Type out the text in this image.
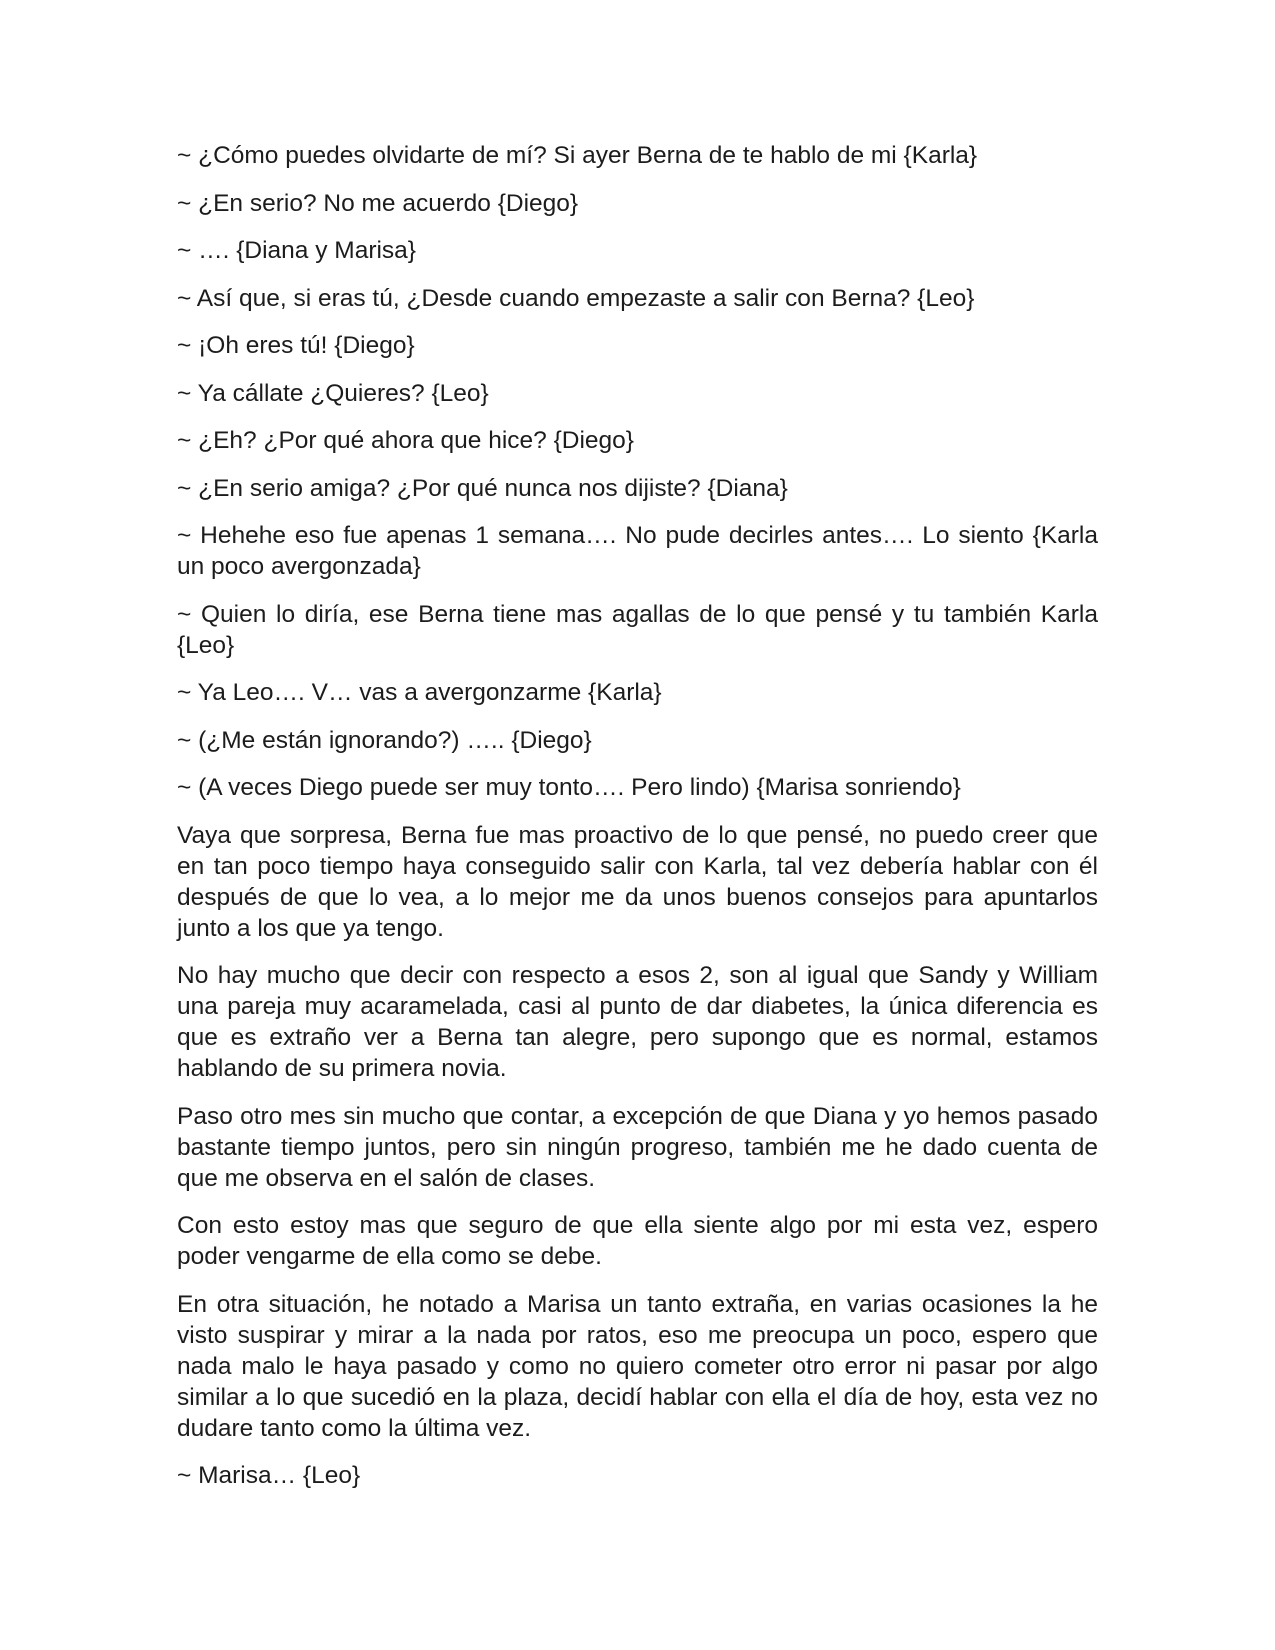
~ ¿Cómo puedes olvidarte de mí? Si ayer Berna de te hablo de mi {Karla}

~ ¿En serio? No me acuerdo {Diego}

~ …. {Diana y Marisa}

~ Así que, si eras tú, ¿Desde cuando empezaste a salir con Berna? {Leo}

~ ¡Oh eres tú! {Diego}

~ Ya cállate ¿Quieres? {Leo}

~ ¿Eh? ¿Por qué ahora que hice? {Diego}

~ ¿En serio amiga? ¿Por qué nunca nos dijiste? {Diana}

~ Hehehe eso fue apenas 1 semana…. No pude decirles antes…. Lo siento {Karla un poco avergonzada}

~ Quien lo diría, ese Berna tiene mas agallas de lo que pensé y tu también Karla {Leo}

~ Ya Leo…. V… vas a avergonzarme {Karla}

~ (¿Me están ignorando?) ….. {Diego}

~ (A veces Diego puede ser muy tonto…. Pero lindo) {Marisa sonriendo}

Vaya que sorpresa, Berna fue mas proactivo de lo que pensé, no puedo creer que en tan poco tiempo haya conseguido salir con Karla, tal vez debería hablar con él después de que lo vea, a lo mejor me da unos buenos consejos para apuntarlos junto a los que ya tengo.

No hay mucho que decir con respecto a esos 2, son al igual que Sandy y William una pareja muy acaramelada, casi al punto de dar diabetes, la única diferencia es que es extraño ver a Berna tan alegre, pero supongo que es normal, estamos hablando de su primera novia.

Paso otro mes sin mucho que contar, a excepción de que Diana y yo hemos pasado bastante tiempo juntos, pero sin ningún progreso, también me he dado cuenta de que me observa en el salón de clases.

Con esto estoy mas que seguro de que ella siente algo por mi esta vez, espero poder vengarme de ella como se debe.

En otra situación, he notado a Marisa un tanto extraña, en varias ocasiones la he visto suspirar y mirar a la nada por ratos, eso me preocupa un poco, espero que nada malo le haya pasado y como no quiero cometer otro error ni pasar por algo similar a lo que sucedió en la plaza, decidí hablar con ella el día de hoy, esta vez no dudare tanto como la última vez.

~ Marisa… {Leo}
